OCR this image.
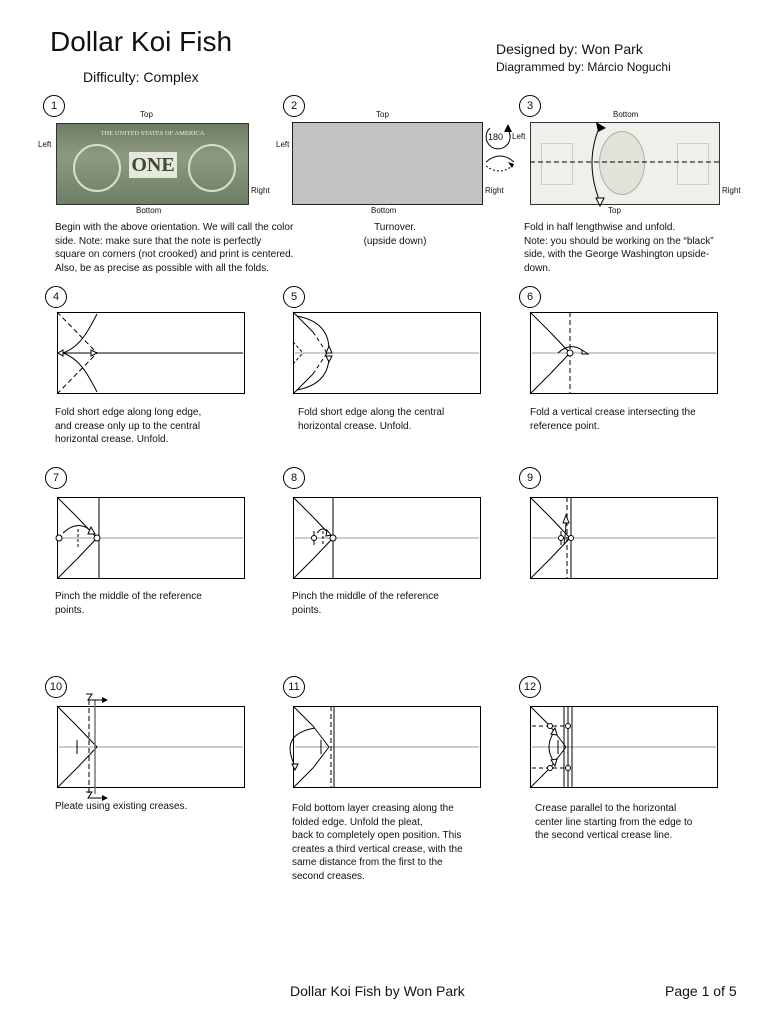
Dollar Koi Fish
Difficulty: Complex
Designed by: Won Park
Diagrammed by: Márcio Noguchi
1
Top
Left
Right
Bottom
THE UNITED STATES OF AMERICA
ONE
Begin with the above orientation. We will call the color
side. Note: make sure that the note is perfectly
square on corners (not crooked) and print is centered.
Also, be as precise as possible with all the folds.
2
Top
Left
Right
Bottom
180
Turnover.
(upside down)
3
Bottom
Left
Right
Top
Fold in half lengthwise and unfold.
Note: you should be working on the “black”
side, with the George Washington upside-
down.
4
Fold short edge along long edge,
and crease only up to the central
horizontal crease. Unfold.
5
Fold short edge along the central
horizontal crease. Unfold.
6
Fold a vertical crease intersecting the
reference point.
7
Pinch the middle of the reference
points.
8
Pinch the middle of the reference
points.
9
10
Pleate using existing creases.
11
Fold bottom layer creasing along the
folded edge. Unfold the pleat,
back to completely open position. This
creates a third vertical crease, with the
same distance from the first to the
second creases.
12
Crease parallel to the horizontal
center line starting from the edge to
the second vertical crease line.
Dollar Koi Fish by Won Park	Page 1 of 5
